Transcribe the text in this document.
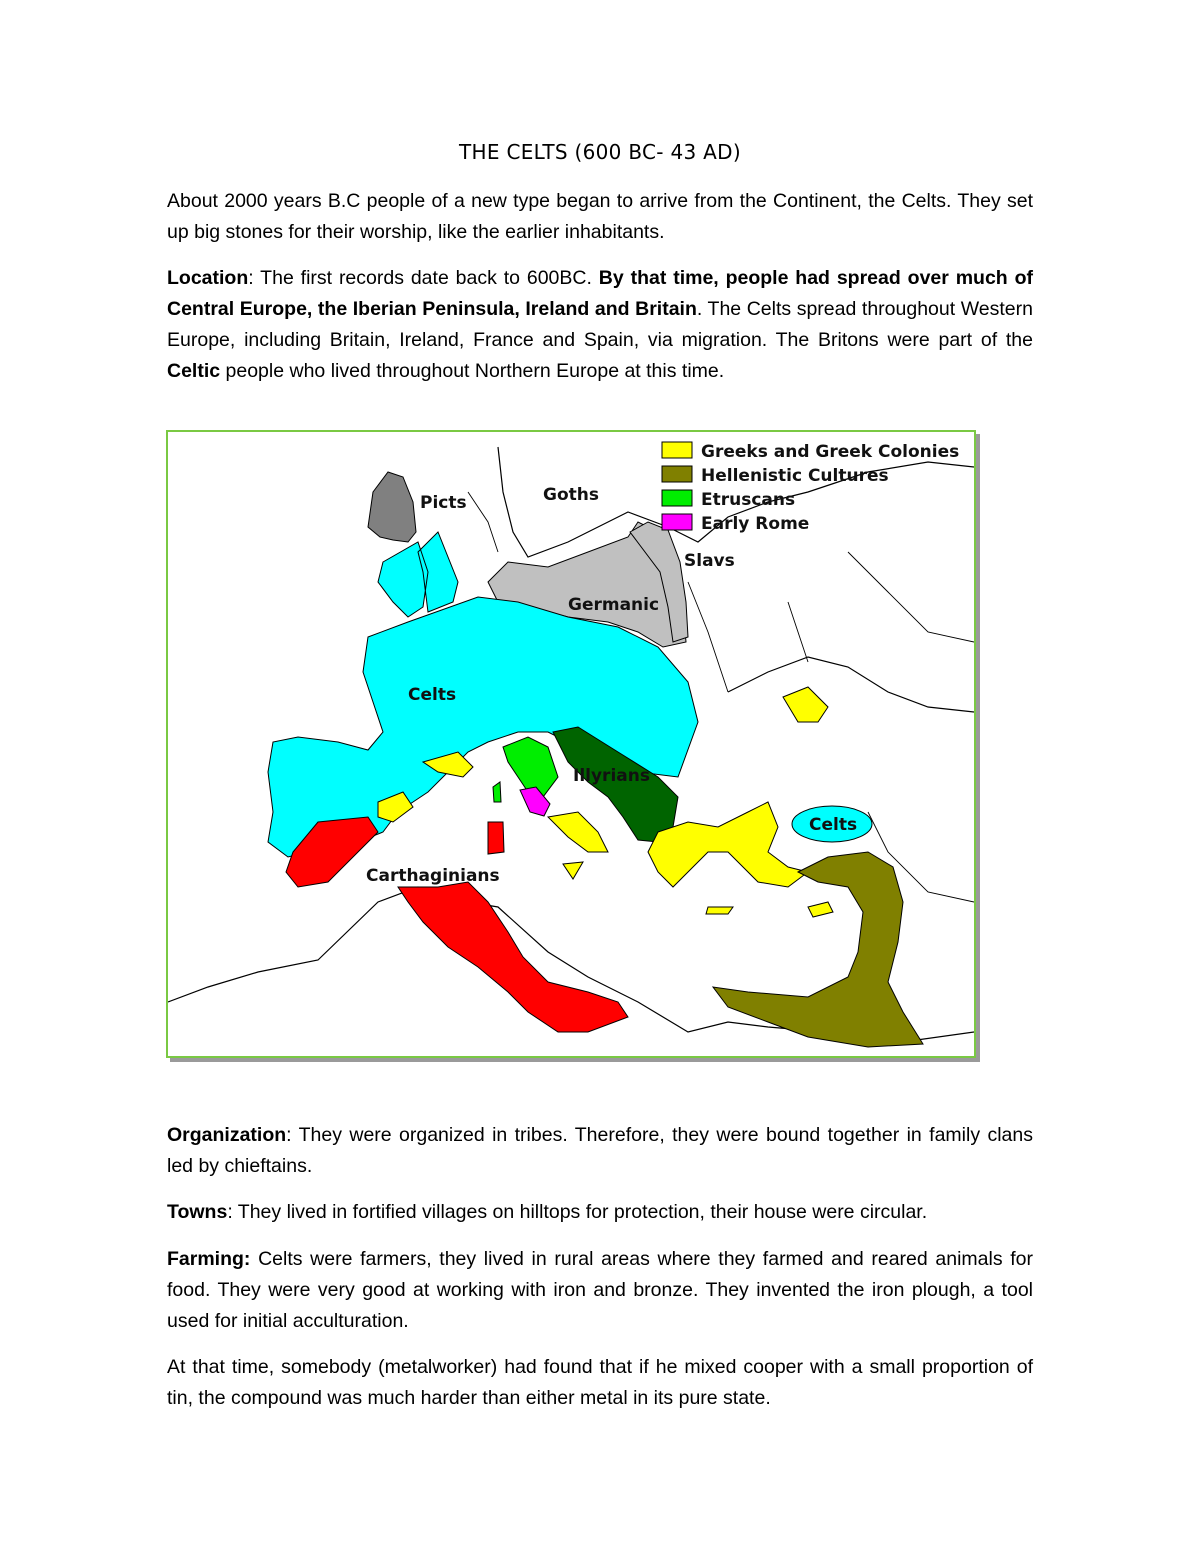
THE CELTS (600 BC- 43 AD)
About 2000 years B.C people of a new type began to arrive from the Continent, the Celts. They set up big stones for their worship, like the earlier inhabitants.
Location: The first records date back to 600BC. By that time, people had spread over much of Central Europe, the Iberian Peninsula, Ireland and Britain. The Celts spread throughout Western Europe, including Britain, Ireland, France and Spain, via migration. The Britons were part of the Celtic people who lived throughout Northern Europe at this time.
Picts	Goths
Slavs
Germanic
Celts
Illyrians
Celts
Carthaginians
Greeks and Greek Colonies
Hellenistic Cultures
Etruscans
Early Rome
Organization: They were organized in tribes. Therefore, they were bound together in family clans led by chieftains.
Towns: They lived in fortified villages on hilltops for protection, their house were circular.
Farming: Celts were farmers, they lived in rural areas where they farmed and reared animals for food. They were very good at working with iron and bronze. They invented the iron plough, a tool used for initial acculturation.
At that time, somebody (metalworker) had found that if he mixed cooper with a small proportion of tin, the compound was much harder than either metal in its pure state.
